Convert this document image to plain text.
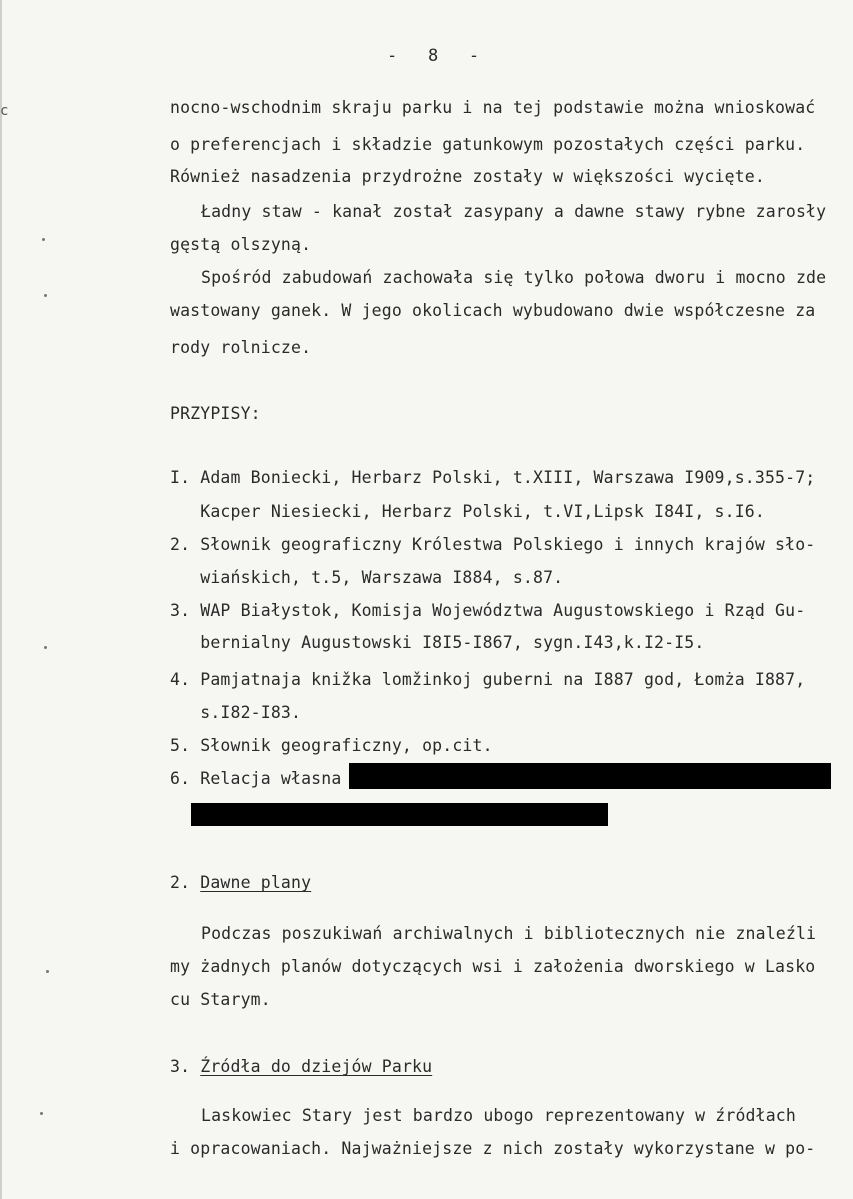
c
-   8   -
nocno-wschodnim skraju parku i na tej podstawie można wnioskować
o preferencjach i składzie gatunkowym pozostałych części parku.
Również nasadzenia przydrożne zostały w większości wycięte.
Ładny staw - kanał został zasypany a dawne stawy rybne zarosły
gęstą olszyną.
Spośród zabudowań zachowała się tylko połowa dworu i mocno zde
wastowany ganek. W jego okolicach wybudowano dwie współczesne za
rody rolnicze.
PRZYPISY:
I. Adam Boniecki, Herbarz Polski, t.XIII, Warszawa I909,s.355-7;
Kacper Niesiecki, Herbarz Polski, t.VI,Lipsk I84I, s.I6.
2. Słownik geograficzny Królestwa Polskiego i innych krajów sło-
wiańskich, t.5, Warszawa I884, s.87.
3. WAP Białystok, Komisja Województwa Augustowskiego i Rząd Gu-
bernialny Augustowski I8I5-I867, sygn.I43,k.I2-I5.
4. Pamjatnaja knižka lomžinkoj guberni na I887 god, Łomża I887,
s.I82-I83.
5. Słownik geograficzny, op.cit.
6. Relacja własna
2. Dawne plany
Podczas poszukiwań archiwalnych i bibliotecznych nie znaleźli
my żadnych planów dotyczących wsi i założenia dworskiego w Lasko
cu Starym.
3. Źródła do dziejów Parku
Laskowiec Stary jest bardzo ubogo reprezentowany w źródłach
i opracowaniach. Najważniejsze z nich zostały wykorzystane w po-
